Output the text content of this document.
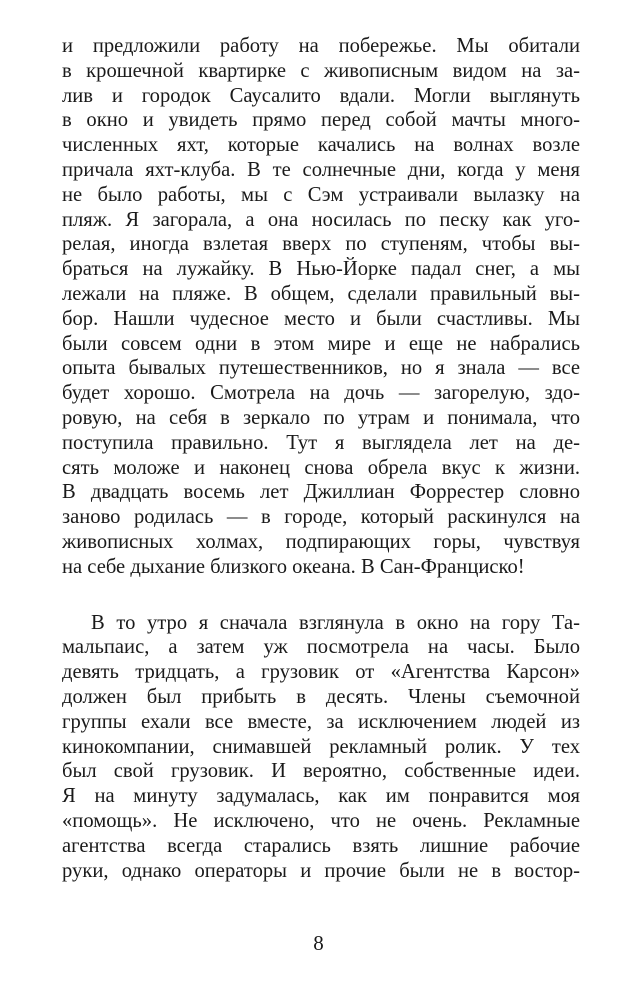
и предложили работу на побережье. Мы обитали
в крошечной квартирке с живописным видом на за-
лив и городок Саусалито вдали. Могли выглянуть
в окно и увидеть прямо перед собой мачты много-
численных яхт, которые качались на волнах возле
причала яхт-клуба. В те солнечные дни, когда у меня
не было работы, мы с Сэм устраивали вылазку на
пляж. Я загорала, а она носилась по песку как уго-
релая, иногда взлетая вверх по ступеням, чтобы вы-
браться на лужайку. В Нью-Йорке падал снег, а мы
лежали на пляже. В общем, сделали правильный вы-
бор. Нашли чудесное место и были счастливы. Мы
были совсем одни в этом мире и еще не набрались
опыта бывалых путешественников, но я знала — все
будет хорошо. Смотрела на дочь — загорелую, здо-
ровую, на себя в зеркало по утрам и понимала, что
поступила правильно. Тут я выглядела лет на де-
сять моложе и наконец снова обрела вкус к жизни.
В двадцать восемь лет Джиллиан Форрестер словно
заново родилась — в городе, который раскинулся на
живописных холмах, подпирающих горы, чувствуя
на себе дыхание близкого океана. В Сан-Франциско!
В то утро я сначала взглянула в окно на гору Та-
мальпаис, а затем уж посмотрела на часы. Было
девять тридцать, а грузовик от «Агентства Карсон»
должен был прибыть в десять. Члены съемочной
группы ехали все вместе, за исключением людей из
кинокомпании, снимавшей рекламный ролик. У тех
был свой грузовик. И вероятно, собственные идеи.
Я на минуту задумалась, как им понравится моя
«помощь». Не исключено, что не очень. Рекламные
агентства всегда старались взять лишние рабочие
руки, однако операторы и прочие были не в востор-
8
